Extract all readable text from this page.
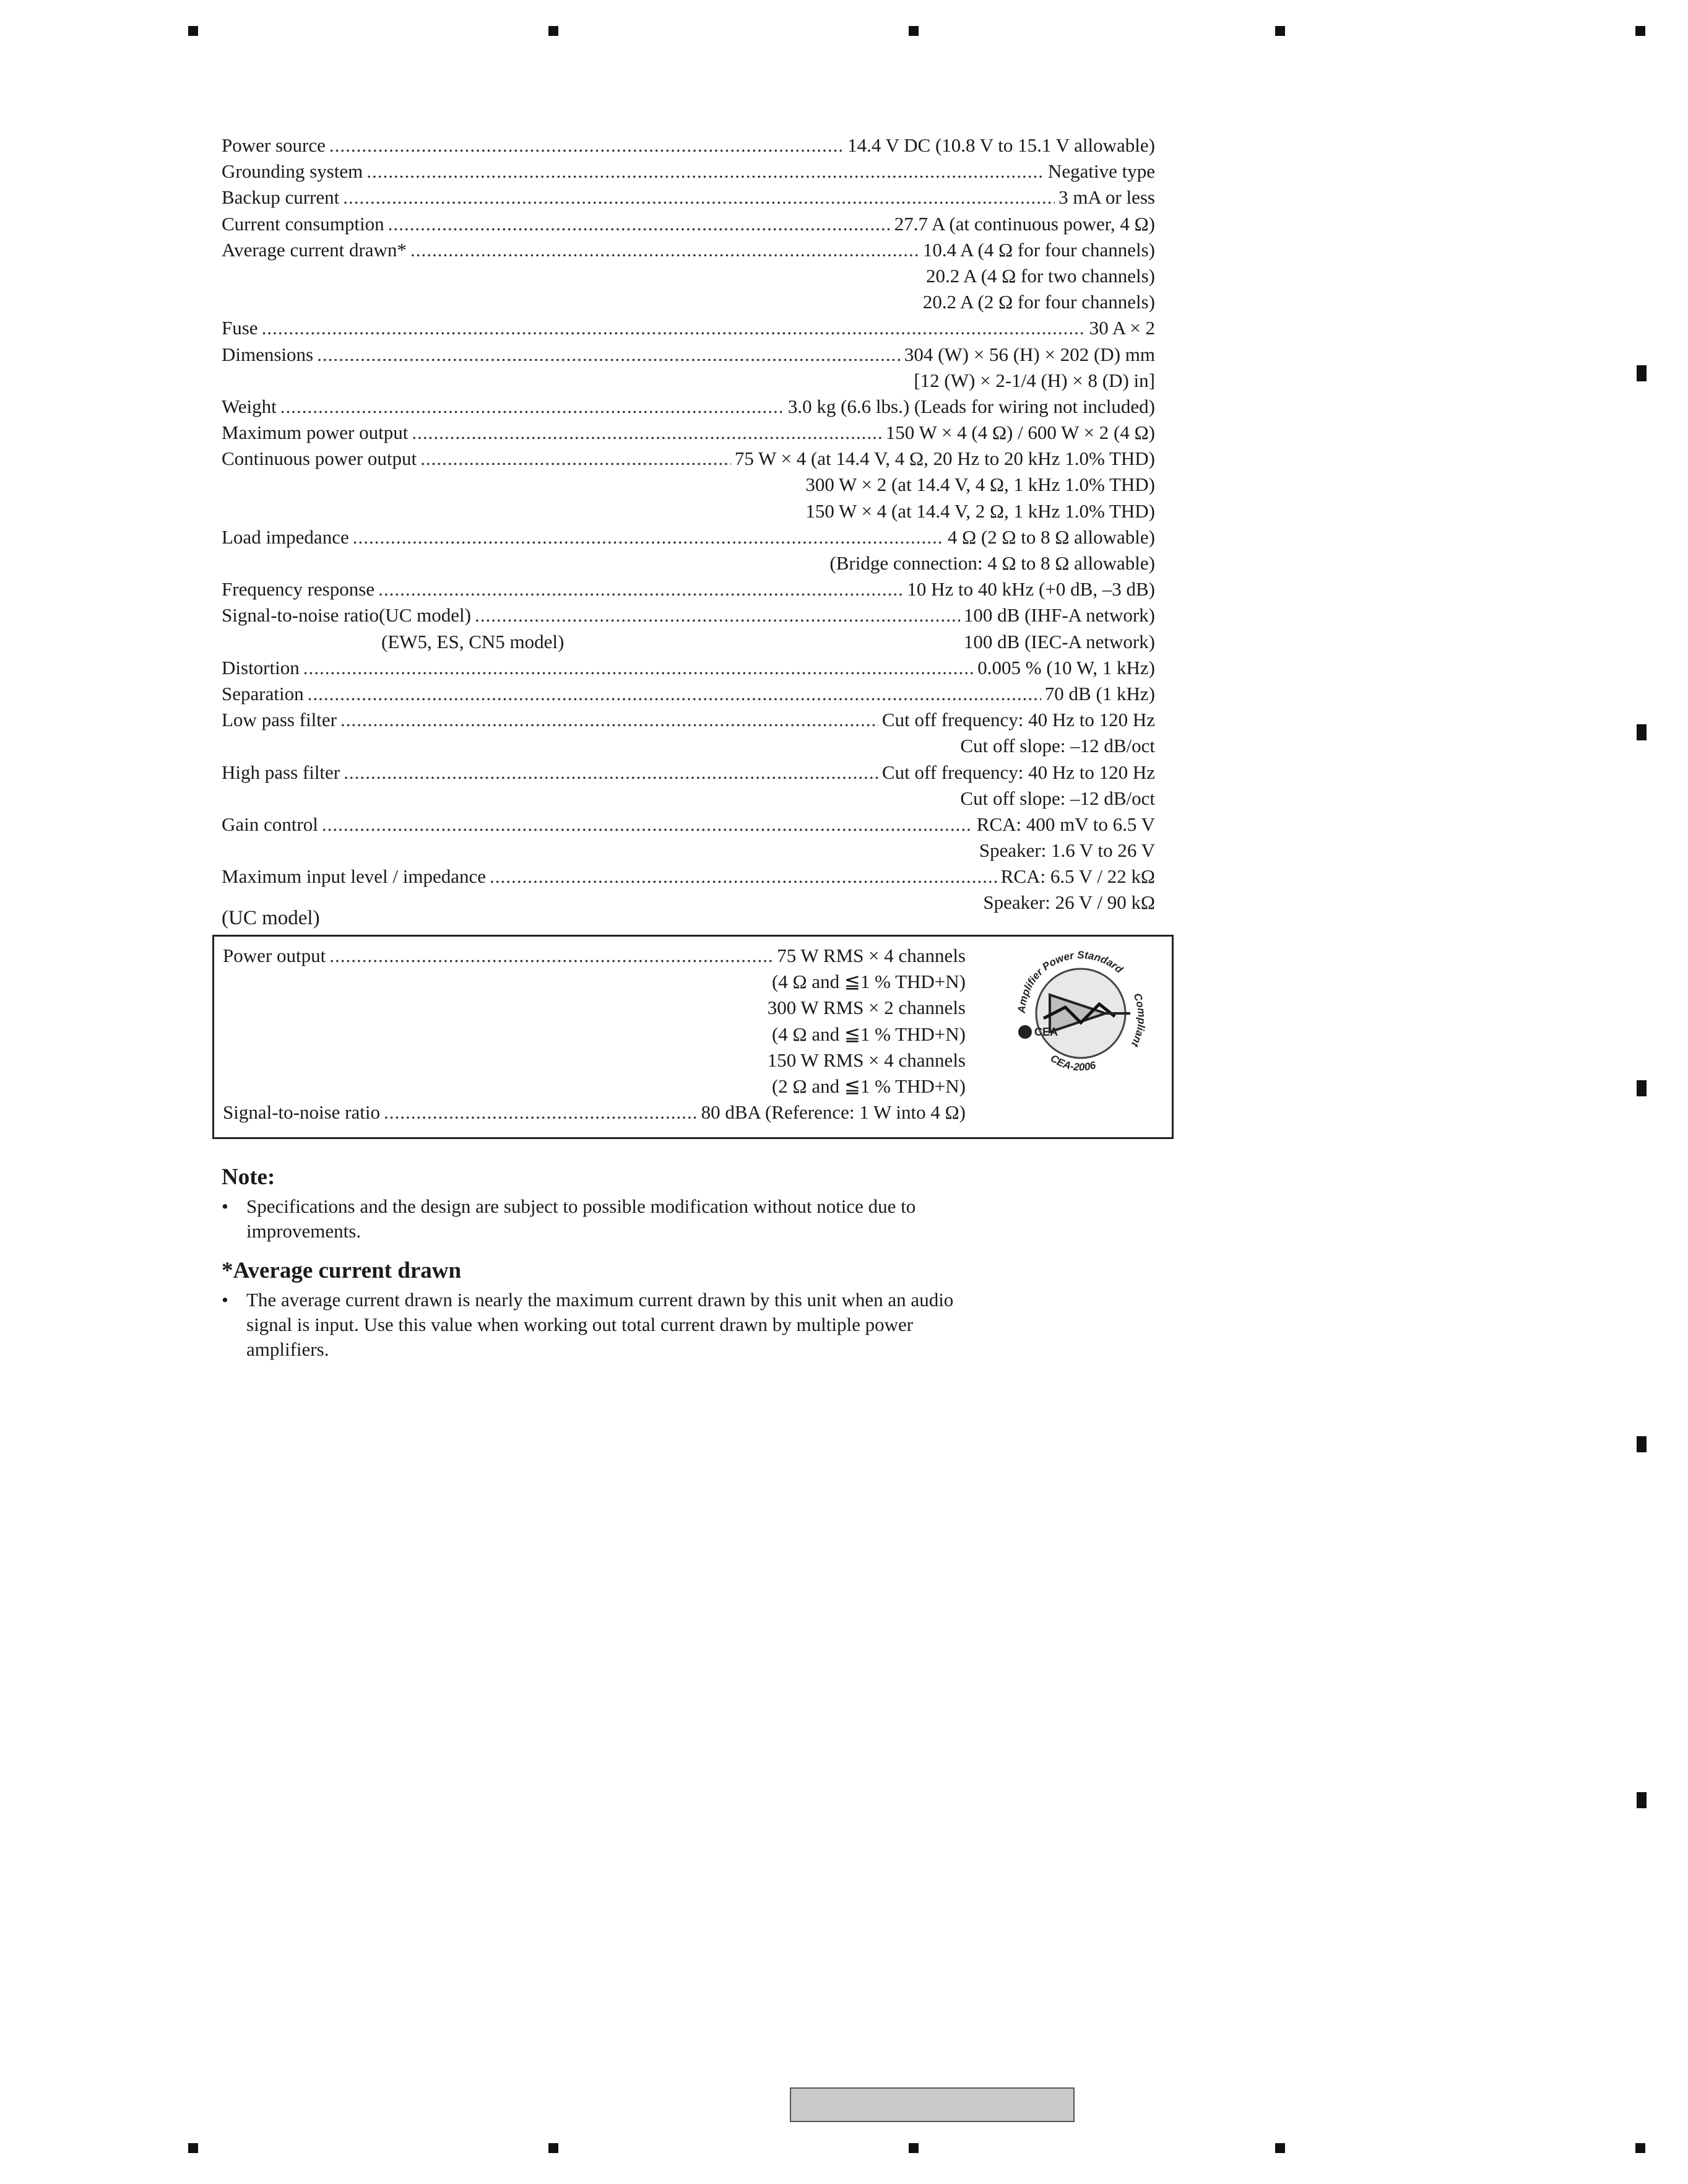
Power source .....	14.4 V DC (10.8 V to 15.1 V allowable)
Grounding system .....	Negative type
Backup current .....	3 mA or less
Current consumption .....	27.7 A (at continuous power, 4 Ω)
Average current drawn* .....	10.4 A (4 Ω for four channels)
20.2 A (4 Ω for two channels)
20.2 A (2 Ω for four channels)
Fuse .....	30 A × 2
Dimensions .....	304 (W) × 56 (H) × 202 (D) mm
[12 (W) × 2-1/4 (H) × 8 (D) in]
Weight .....	3.0 kg (6.6 lbs.) (Leads for wiring not included)
Maximum power output .....	150 W × 4 (4 Ω) / 600 W × 2 (4 Ω)
Continuous power output .....	75 W × 4 (at 14.4 V, 4 Ω, 20 Hz to 20 kHz 1.0% THD)
300 W × 2 (at 14.4 V, 4 Ω, 1 kHz 1.0% THD)
150 W × 4 (at 14.4 V, 2 Ω, 1 kHz 1.0% THD)
Load impedance .....	4 Ω (2 Ω to 8 Ω allowable)
(Bridge connection: 4 Ω to 8 Ω allowable)
Frequency response .....	10 Hz to 40 kHz (+0 dB, –3 dB)
Signal-to-noise ratio(UC model) .....	100 dB (IHF-A network)
(EW5, ES, CN5 model)	100 dB (IEC-A network)
Distortion .....	0.005 % (10 W, 1 kHz)
Separation .....	70 dB (1 kHz)
Low pass filter .....	Cut off frequency: 40 Hz to 120 Hz
Cut off slope: –12 dB/oct
High pass filter .....	Cut off frequency: 40 Hz to 120 Hz
Cut off slope: –12 dB/oct
Gain control .....	RCA: 400 mV to 6.5 V
Speaker: 1.6 V to 26 V
Maximum input level / impedance .....	RCA: 6.5 V / 22 kΩ
Speaker: 26 V / 90 kΩ
(UC model)
Power output .....	75 W RMS × 4 channels
(4 Ω and ≦1 % THD+N)
300 W RMS × 2 channels
(4 Ω and ≦1 % THD+N)
150 W RMS × 4 channels
(2 Ω and ≦1 % THD+N)
Signal-to-noise ratio .....	80 dBA (Reference: 1 W into 4 Ω)
CEA
Amplifier Power Standard
Compliant
CEA-2006
Note:
• Specifications and the design are subject to possible modification without notice due to improvements.
*Average current drawn
• The average current drawn is nearly the maximum current drawn by this unit when an audio signal is input. Use this value when working out total current drawn by multiple power amplifiers.
